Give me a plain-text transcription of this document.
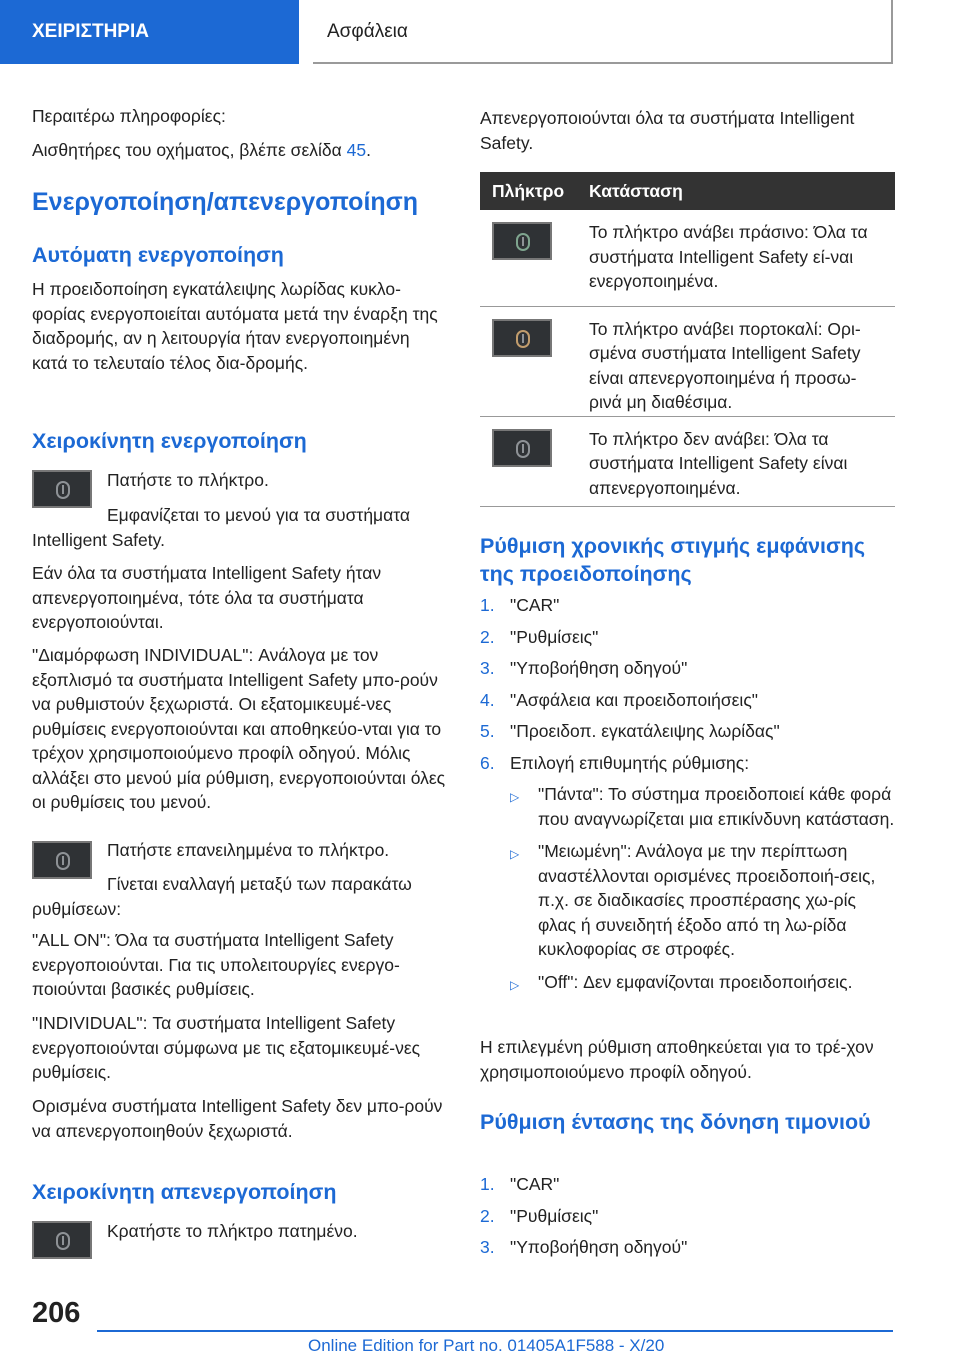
ΧΕΙΡΙΣΤΗΡΙΑ	Ασφάλεια

Περαιτέρω πληροφορίες:

Αισθητήρες του οχήματος, βλέπε σελίδα 45.

Ενεργοποίηση/απενεργοποίηση
Αυτόματη ενεργοποίηση

Η προειδοποίηση εγκατάλειψης λωρίδας κυκλο-φορίας ενεργοποιείται αυτόματα μετά την έναρξη της διαδρομής, αν η λειτουργία ήταν ενεργοποιημένη κατά το τελευταίο τέλος δια-δρομής.

Χειροκίνητη ενεργοποίηση

Πατήστε το πλήκτρο.

Εμφανίζεται το μενού για τα συστήματα Intelligent Safety.

Εάν όλα τα συστήματα Intelligent Safety ήταν απενεργοποιημένα, τότε όλα τα συστήματα ενεργοποιούνται.

"Διαμόρφωση INDIVIDUAL": Ανάλογα με τον εξοπλισμό τα συστήματα Intelligent Safety μπο-ρούν να ρυθμιστούν ξεχωριστά. Οι εξατομικευμέ-νες ρυθμίσεις ενεργοποιούνται και αποθηκεύο-νται για το τρέχον χρησιμοποιούμενο προφίλ οδηγού. Μόλις αλλάξει στο μενού μία ρύθμιση, ενεργοποιούνται όλες οι ρυθμίσεις του μενού.

Πατήστε επανειλημμένα το πλήκτρο.

Γίνεται εναλλαγή μεταξύ των παρακάτω ρυθμίσεων:

"ALL ON": Όλα τα συστήματα Intelligent Safety ενεργοποιούνται. Για τις υπολειτουργίες ενεργο-ποιούνται βασικές ρυθμίσεις.

"INDIVIDUAL": Τα συστήματα Intelligent Safety ενεργοποιούνται σύμφωνα με τις εξατομικευμέ-νες ρυθμίσεις.

Ορισμένα συστήματα Intelligent Safety δεν μπο-ρούν να απενεργοποιηθούν ξεχωριστά.

Χειροκίνητη απενεργοποίηση

Κρατήστε το πλήκτρο πατημένο.

Απενεργοποιούνται όλα τα συστήματα Intelligent Safety.

Πλήκτρο	Κατάσταση

	Το πλήκτρο ανάβει πράσινο: Όλα τα συστήματα Intelligent Safety εί-ναι ενεργοποιημένα.

	Το πλήκτρο ανάβει πορτοκαλί: Ορι-σμένα συστήματα Intelligent Safety είναι απενεργοποιημένα ή προσω-ρινά μη διαθέσιμα.

	Το πλήκτρο δεν ανάβει: Όλα τα συστήματα Intelligent Safety είναι απενεργοποιημένα.
Ρύθμιση χρονικής στιγμής εμφάνισης της προειδοποίησης
1. "CAR"
2. "Ρυθμίσεις"
3. "Υποβοήθηση οδηγού"
4. "Ασφάλεια και προειδοποιήσεις"
5. "Προειδοπ. εγκατάλειψης λωρίδας"
6. Επιλογή επιθυμητής ρύθμισης:
▷ "Πάντα": Το σύστημα προειδοποιεί κάθε φορά που αναγνωρίζεται μια επικίνδυνη κατάσταση.
▷ "Μειωμένη": Ανάλογα με την περίπτωση αναστέλλονται ορισμένες προειδοποιή-σεις, π.χ. σε διαδικασίες προσπέρασης χω-ρίς φλας ή συνειδητή έξοδο από τη λω-ρίδα κυκλοφορίας σε στροφές.
▷ "Off": Δεν εμφανίζονται προειδοποιήσεις.

Η επιλεγμένη ρύθμιση αποθηκεύεται για το τρέ-χον χρησιμοποιούμενο προφίλ οδηγού.

Ρύθμιση έντασης της δόνηση τιμονιού
1. "CAR"
2. "Ρυθμίσεις"
3. "Υποβοήθηση οδηγού"
206
Online Edition for Part no. 01405A1F588 - X/20
